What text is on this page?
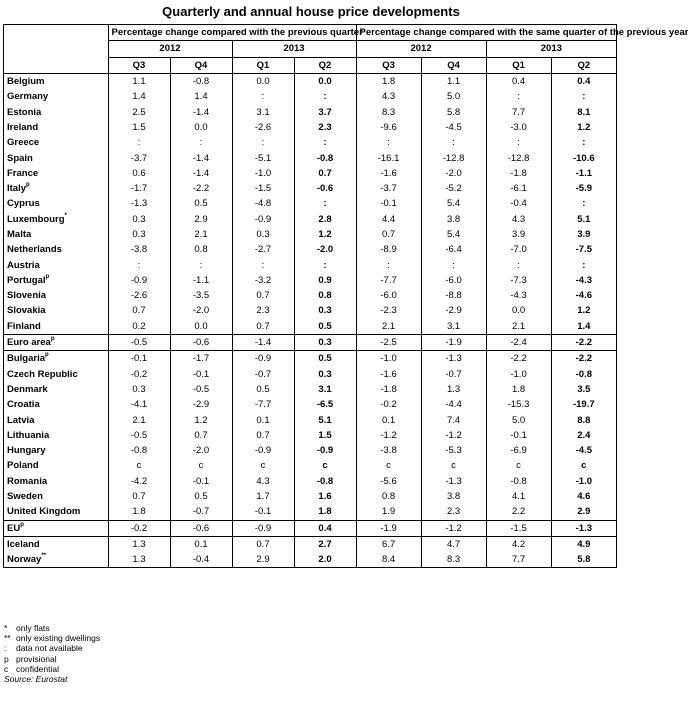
Quarterly and annual house price developments
	Percentage change compared with the previous quarter				Percentage change compared with the same quarter of the previous year			
	2012		2013		2012		2013	
	Q3	Q4	Q1	Q2	Q3	Q4	Q1	Q2
Belgium	1.1	-0.8	0.0	0.0	1.8	1.1	0.4	0.4
Germany	1.4	1.4	:	:	4.3	5.0	:	:
Estonia	2.5	-1.4	3.1	3.7	8.3	5.8	7.7	8.1
Ireland	1.5	0.0	-2.6	2.3	-9.6	-4.5	-3.0	1.2
Greece	:	:	:	:	:	:	:	:
Spain	-3.7	-1.4	-5.1	-0.8	-16.1	-12.8	-12.8	-10.6
France	0.6	-1.4	-1.0	0.7	-1.6	-2.0	-1.8	-1.1
Italy$^p$	-1.7	-2.2	-1.5	-0.6	-3.7	-5.2	-6.1	-5.9
Cyprus	-1.3	0.5	-4.8	:	-0.1	5.4	-0.4	:
Luxembourg*	0.3	2.9	-0.9	2.8	4.4	3.8	4.3	5.1
Malta	0.3	2.1	0.3	1.2	0.7	5.4	3.9	3.9
Netherlands	-3.8	0.8	-2.7	-2.0	-8.9	-6.4	-7.0	-7.5
Austria	:	:	:	:	:	:	:	:
Portugal$^p$	-0.9	-1.1	-3.2	0.9	-7.7	-6.0	-7.3	-4.3
Slovenia	-2.6	-3.5	0.7	0.8	-6.0	-8.8	-4.3	-4.6
Slovakia	0.7	-2.0	2.3	0.3	-2.3	-2.9	0.0	1.2
Finland	0.2	0.0	0.7	0.5	2.1	3.1	2.1	1.4
Euro area$^p$	-0.5	-0.6	-1.4	0.3	-2.5	-1.9	-2.4	-2.2
Bulgaria$^p$	-0.1	-1.7	-0.9	0.5	-1.0	-1.3	-2.2	-2.2
Czech Republic	-0.2	-0.1	-0.7	0.3	-1.6	-0.7	-1.0	-0.8
Denmark	0.3	-0.5	0.5	3.1	-1.8	1.3	1.8	3.5
Croatia	-4.1	-2.9	-7.7	-6.5	-0.2	-4.4	-15.3	-19.7
Latvia	2.1	1.2	0.1	5.1	0.1	7.4	5.0	8.8
Lithuania	-0.5	0.7	0.7	1.5	-1.2	-1.2	-0.1	2.4
Hungary	-0.8	-2.0	-0.9	-0.9	-3.8	-5.3	-6.9	-4.5
Poland	c	c	c	c	c	c	c	c
Romania	-4.2	-0.1	4.3	-0.8	-5.6	-1.3	-0.8	-1.0
Sweden	0.7	0.5	1.7	1.6	0.8	3.8	4.1	4.6
United Kingdom	1.8	-0.7	-0.1	1.8	1.9	2.3	2.2	2.9
$EU^p$	-0.2	-0.6	-0.9	0.4	-1.9	-1.2	-1.5	-1.3
Iceland	1.3	0.1	0.7	2.7	6.7	4.7	4.2	4.9
Norway**	1.3	-0.4	2.9	2.0	8.4	8.3	7.7	5.8
* only flats
** only existing dwellings
: data not available
p provisional
c confidential
Source: Eurostat
